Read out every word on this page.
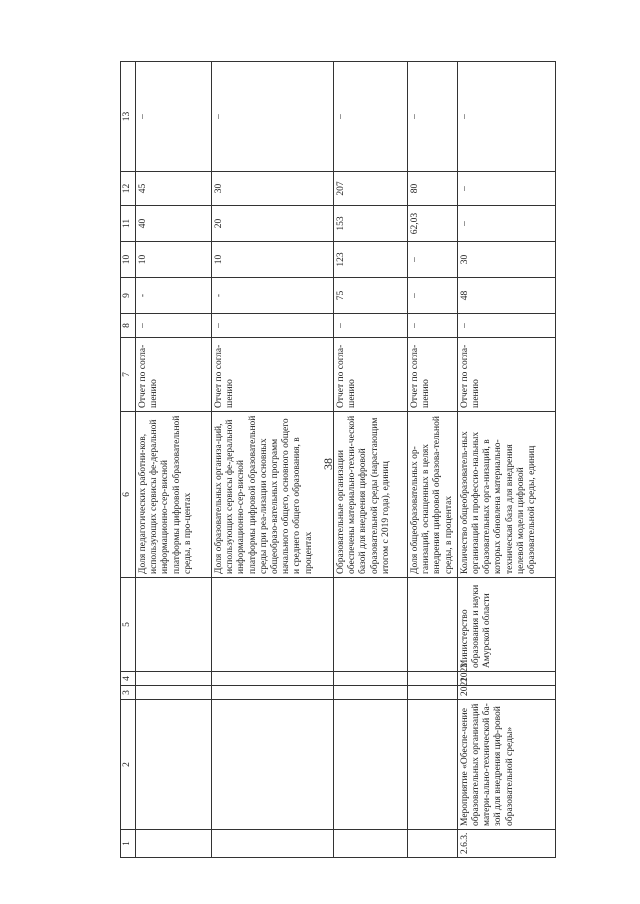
38
1	2	3	4	5	6	7	8	9	10	11	12	13
					Доля педагогических работни-ков, использующих сервисы фе-деральной информационно-сер-висной платформы цифровой образовательной среды, в про-центах	Отчет по согла-шению	–	-	10	40	45	–
					Доля образовательных организа-ций, использующих сервисы фе-деральной информационно-сер-висной платформы цифровой образовательной среды при реа-лизации основных общеобразо-вательных программ начального общего, основного общего и среднего общего образования, в процентах	Отчет по согла-шению	–	-	10	20	30	–
					Образовательные организации обеспечены материально-техни-ческой базой для внедрения цифровой образовательной среды (нарастающим итогом с 2019 года), единиц	Отчет по согла-шению	–	75	123	153	207	–
					Доля общеобразовательных ор-ганизаций, оснащенных в целях внедрения цифровой образова-тельной среды, в процентах	Отчет по согла-шению	–	–	–	62,03	80	–
2.6.3.	Мероприятие «Обеспе-чение образовательных организаций матери-ально-технической ба-зой для внедрения циф-ровой образовательной среды»	2021	2022	Министерство образования и науки Амурской области	Количество общеобразователь-ных организаций и профессио-нальных образовательных орга-низаций, в которых обновлена материально-техническая база для внедрения целевой модели цифровой образовательной среды, единиц	Отчет по согла-шению	–	48	30	–	–	–
